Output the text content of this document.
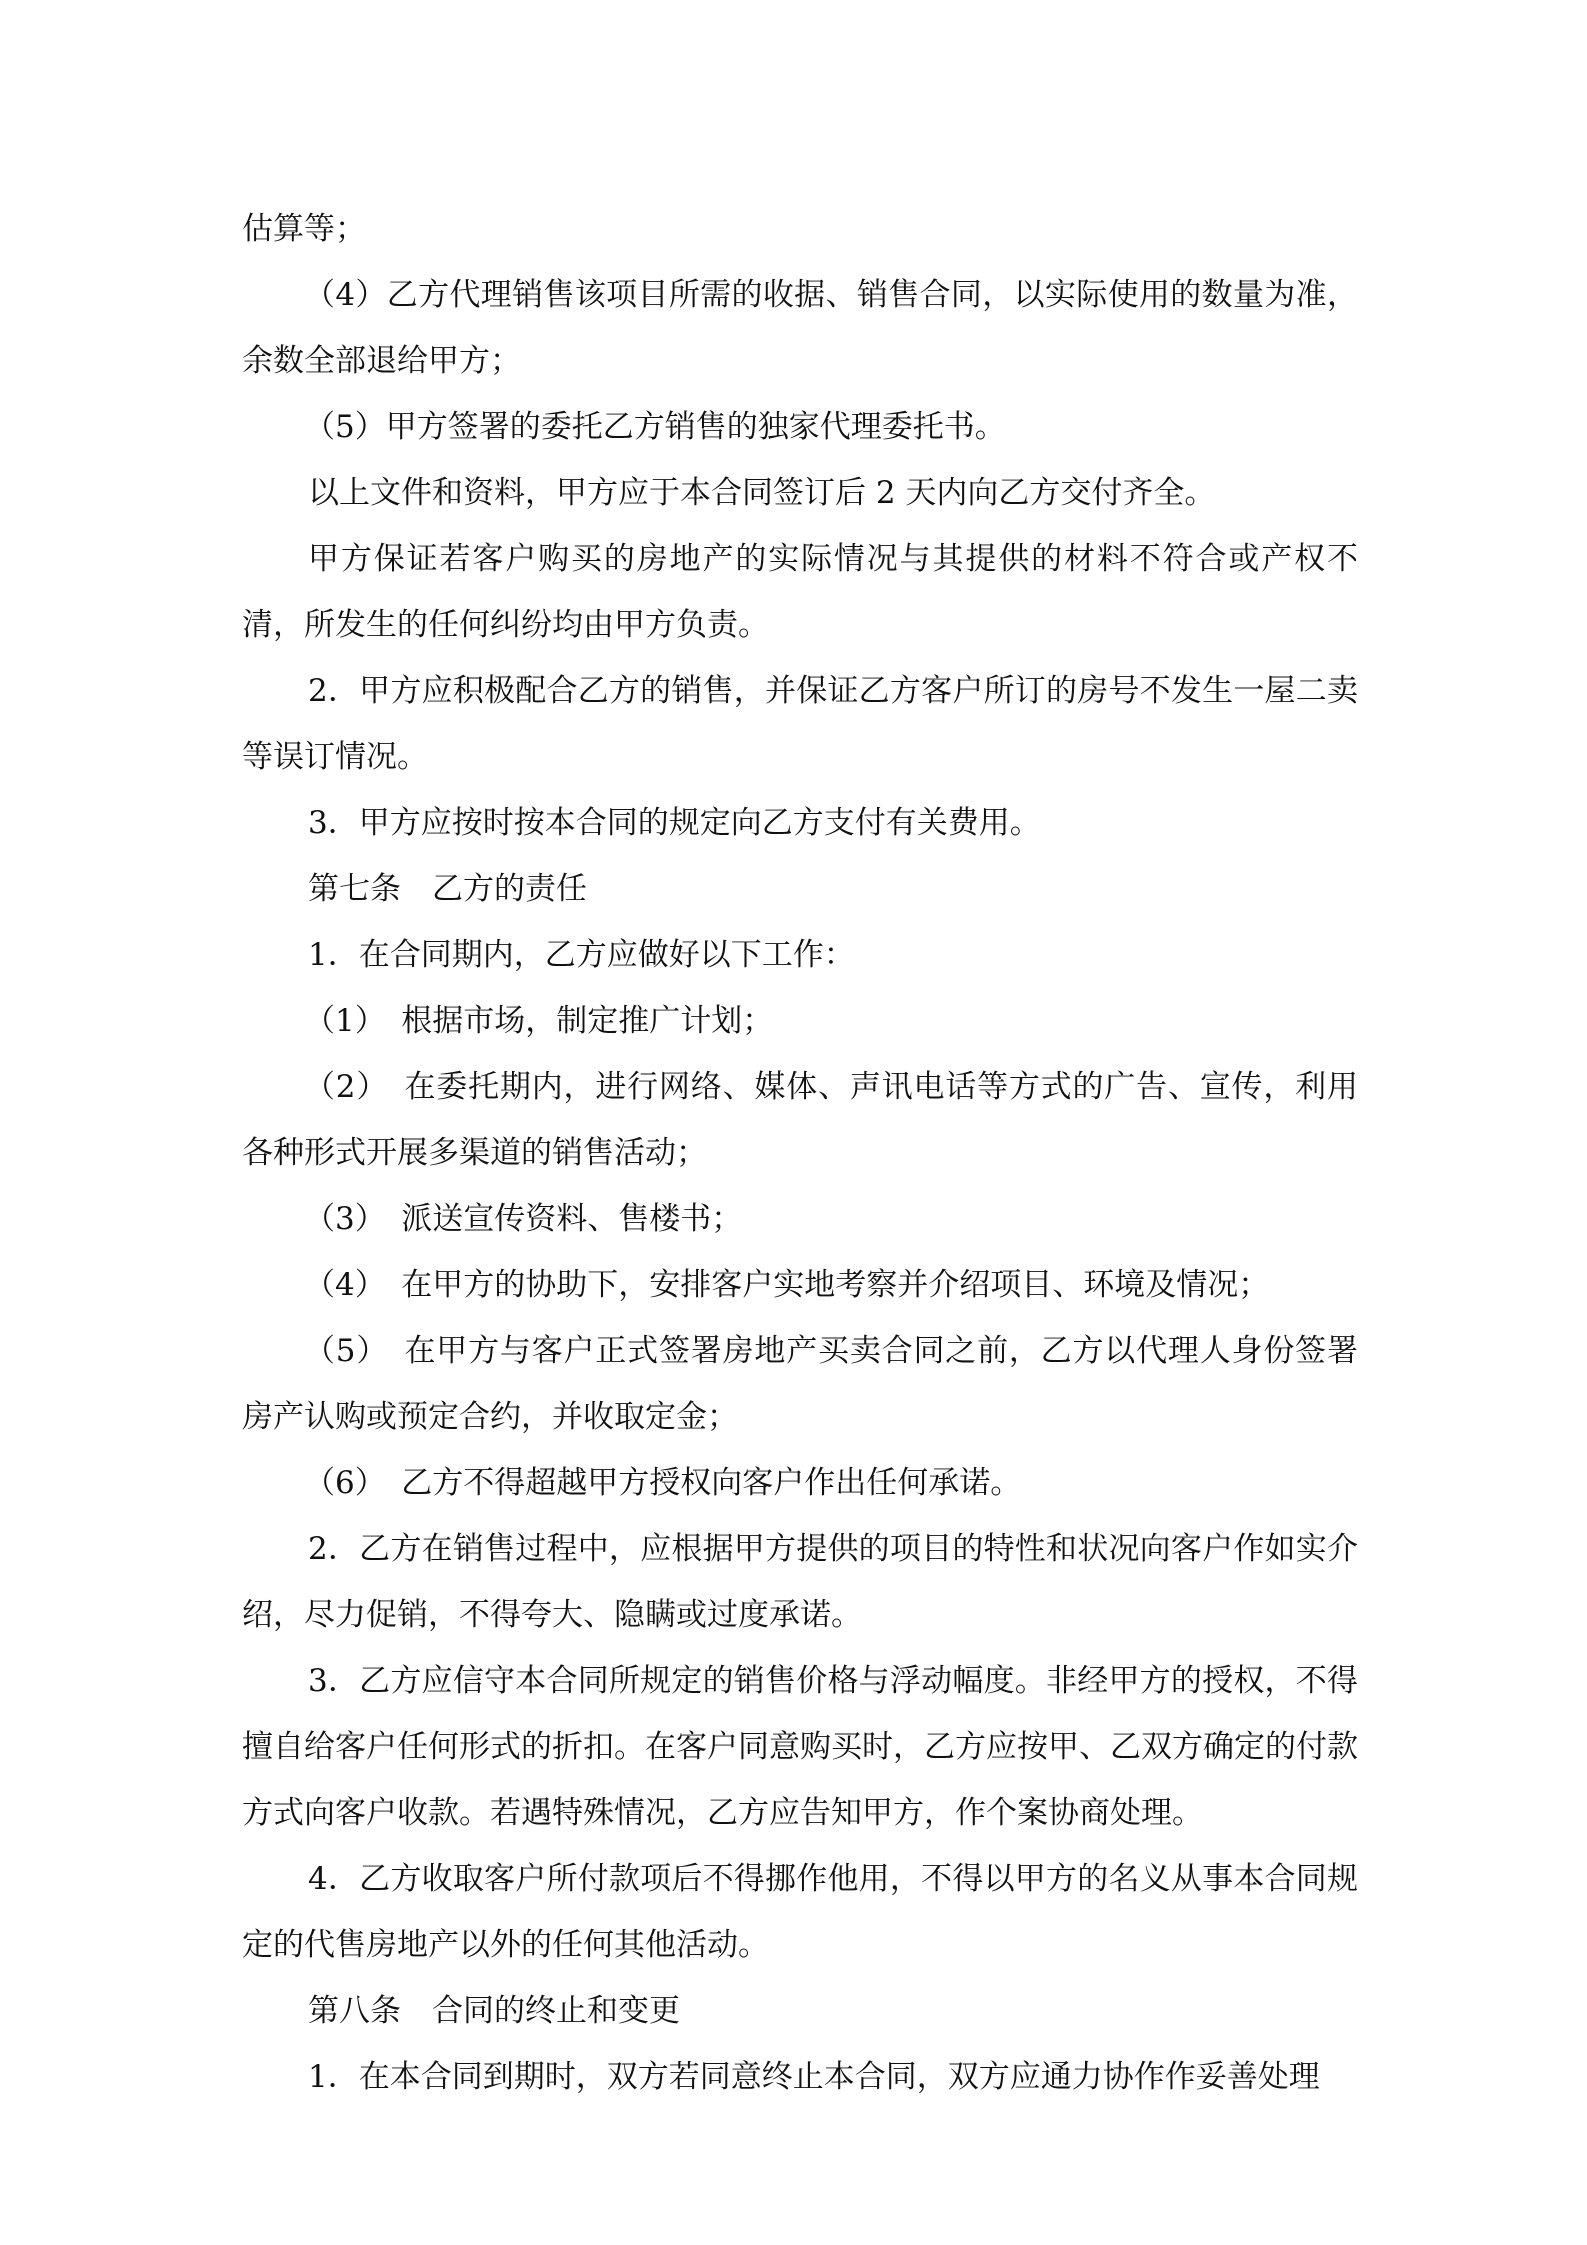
估算等；

（4）乙方代理销售该项目所需的收据、销售合同，以实际使用的数量为准，余数全部退给甲方；

（5）甲方签署的委托乙方销售的独家代理委托书。

以上文件和资料，甲方应于本合同签订后 2 天内向乙方交付齐全。

甲方保证若客户购买的房地产的实际情况与其提供的材料不符合或产权不清，所发生的任何纠纷均由甲方负责。

2．甲方应积极配合乙方的销售，并保证乙方客户所订的房号不发生一屋二卖等误订情况。

3．甲方应按时按本合同的规定向乙方支付有关费用。

第七条　乙方的责任

1．在合同期内，乙方应做好以下工作：

（1）　根据市场，制定推广计划；

（2）　在委托期内，进行网络、媒体、声讯电话等方式的广告、宣传，利用各种形式开展多渠道的销售活动；

（3）　派送宣传资料、售楼书；

（4）　在甲方的协助下，安排客户实地考察并介绍项目、环境及情况；

（5）　在甲方与客户正式签署房地产买卖合同之前，乙方以代理人身份签署房产认购或预定合约，并收取定金；

（6）　乙方不得超越甲方授权向客户作出任何承诺。

2．乙方在销售过程中，应根据甲方提供的项目的特性和状况向客户作如实介绍，尽力促销，不得夸大、隐瞒或过度承诺。

3．乙方应信守本合同所规定的销售价格与浮动幅度。非经甲方的授权，不得擅自给客户任何形式的折扣。在客户同意购买时，乙方应按甲、乙双方确定的付款方式向客户收款。若遇特殊情况，乙方应告知甲方，作个案协商处理。

4．乙方收取客户所付款项后不得挪作他用，不得以甲方的名义从事本合同规定的代售房地产以外的任何其他活动。

第八条　合同的终止和变更

1．在本合同到期时，双方若同意终止本合同，双方应通力协作作妥善处理
